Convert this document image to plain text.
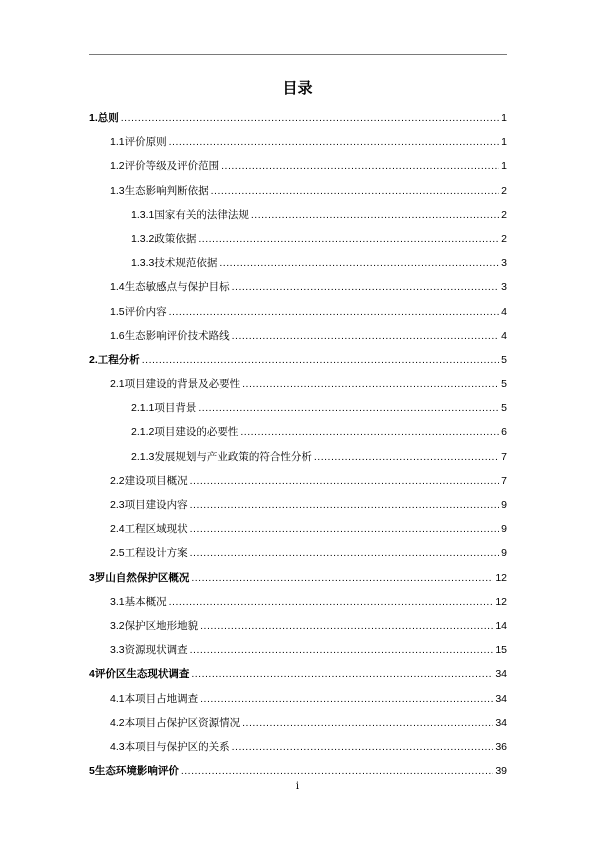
目录
1. 总则 .....	1
1.1 评价原则 .....	1
1.2 评价等级及评价范围 .....	1
1.3 生态影响判断依据 .....	2
1.3.1 国家有关的法律法规 .....	2
1.3.2 政策依据 .....	2
1.3.3 技术规范依据 .....	3
1.4 生态敏感点与保护目标 .....	3
1.5 评价内容 .....	4
1.6 生态影响评价技术路线 .....	4
2. 工程分析 .....	5
2.1 项目建设的背景及必要性 .....	5
2.1.1 项目背景 .....	5
2.1.2 项目建设的必要性 .....	6
2.1.3 发展规划与产业政策的符合性分析 .....	7
2.2 建设项目概况 .....	7
2.3 项目建设内容 .....	9
2.4 工程区域现状 .....	9
2.5 工程设计方案 .....	9
3 罗山自然保护区概况 .....	12
3.1 基本概况 .....	12
3.2 保护区地形地貌 .....	14
3.3 资源现状调查 .....	15
4 评价区生态现状调查 .....	34
4.1 本项目占地调查 .....	34
4.2 本项目占保护区资源情况 .....	34
4.3 本项目与保护区的关系 .....	36
5 生态环境影响评价 .....	39
i
